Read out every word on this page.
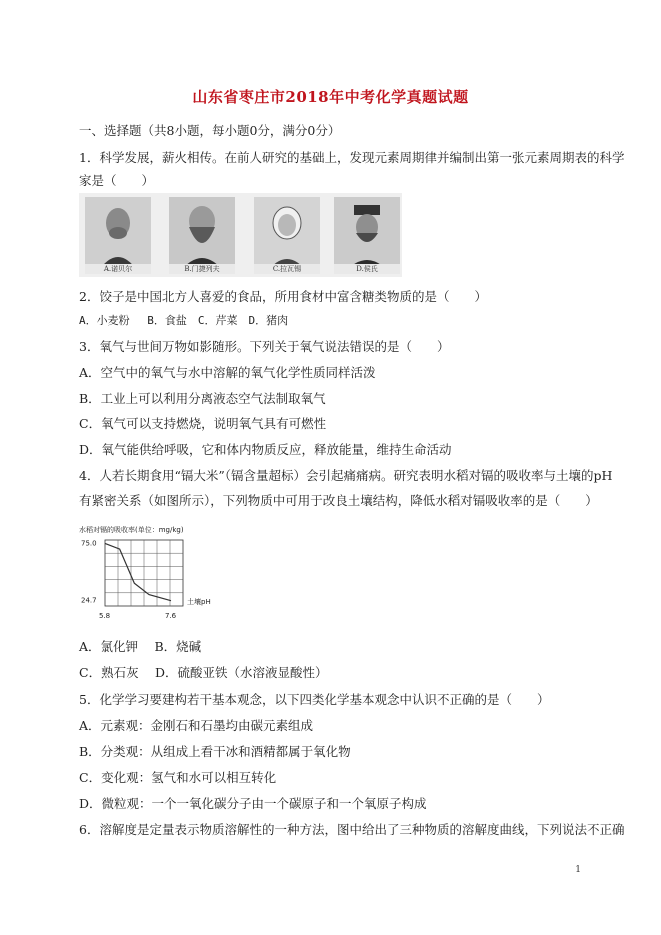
山东省枣庄市2018年中考化学真题试题
一、选择题（共8小题，每小题0分，满分0分）
1．科学发展，薪火相传。在前人研究的基础上，发现元素周期律并编制出第一张元素周期表的科学
家是（　　）
A.诺贝尔	B.门捷列夫	C.拉瓦锡	D.侯氏
2．饺子是中国北方人喜爱的食品，所用食材中富含糖类物质的是（　　）
A．小麦粉　 B．食盐　C．芹菜　D．猪肉
3．氧气与世间万物如影随形。下列关于氧气说法错误的是（　　）
A．空气中的氧气与水中溶解的氧气化学性质同样活泼
B．工业上可以利用分离液态空气法制取氧气
C．氧气可以支持燃烧，说明氧气具有可燃性
D．氧气能供给呼吸，它和体内物质反应，释放能量，维持生命活动
4．人若长期食用“镉大米”（镉含量超标）会引起痛痛病。研究表明水稻对镉的吸收率与土壤的pH
有紧密关系（如图所示），下列物质中可用于改良土壤结构，降低水稻对镉吸收率的是（　　）
水稻对镉的吸收率(单位：mg/kg)
75.0
24.7
5.8	7.6
土壤pH
A．氯化钾　 B．烧碱
C．熟石灰　 D．硫酸亚铁（水溶液显酸性）
5．化学学习要建构若干基本观念，以下四类化学基本观念中认识不正确的是（　　）
A．元素观：金刚石和石墨均由碳元素组成
B．分类观：从组成上看干冰和酒精都属于氧化物
C．变化观：氢气和水可以相互转化
D．微粒观：一个一氧化碳分子由一个碳原子和一个氧原子构成
6．溶解度是定量表示物质溶解性的一种方法，图中给出了三种物质的溶解度曲线，下列说法不正确
1
